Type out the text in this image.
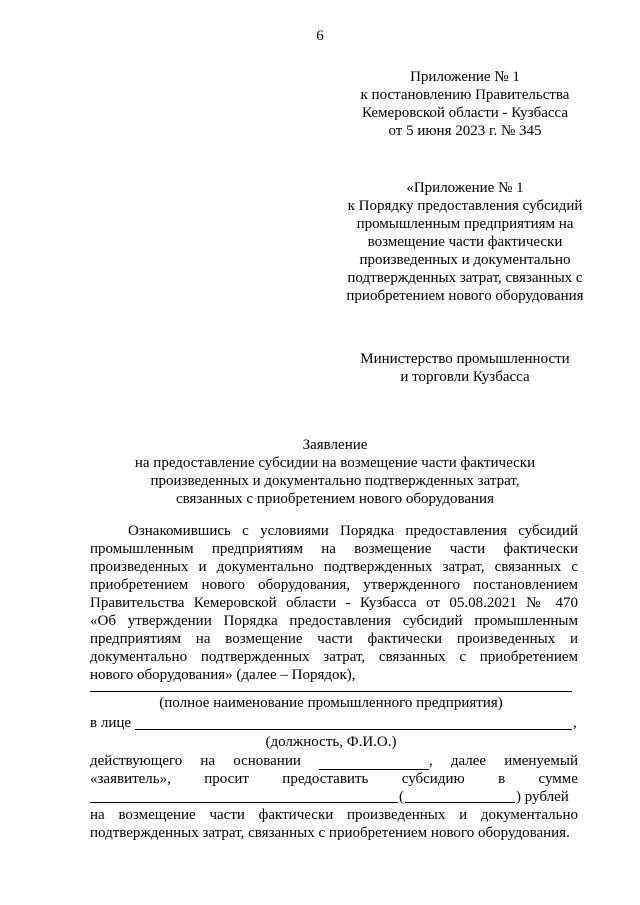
6
Приложение № 1
к постановлению Правительства
Кемеровской области - Кузбасса
от 5 июня 2023 г. № 345
«Приложение № 1
к Порядку предоставления субсидий
промышленным предприятиям на
возмещение части фактически
произведенных и документально
подтвержденных затрат, связанных с
приобретением нового оборудования
Министерство промышленности
и торговли Кузбасса
Заявление
на предоставление субсидии на возмещение части фактически
произведенных и документально подтвержденных затрат,
связанных с приобретением нового оборудования
Ознакомившись с условиями Порядка предоставления субсидий
промышленным предприятиям на возмещение части фактически
произведенных и документально подтвержденных затрат, связанных с
приобретением нового оборудования, утвержденного постановлением
Правительства Кемеровской области - Кузбасса от 05.08.2021 № 470
«Об утверждении Порядка предоставления субсидий промышленным
предприятиям на возмещение части фактически произведенных и
документально подтвержденных затрат, связанных с приобретением
нового оборудования» (далее – Порядок),
(полное наименование промышленного предприятия)
в лице	,
(должность, Ф.И.О.)
действующего на основании	, далее именуемый
«заявитель», просит предоставить субсидию в сумме
(	) рублей
на возмещение части фактически произведенных и документально
подтвержденных затрат, связанных с приобретением нового оборудования.
